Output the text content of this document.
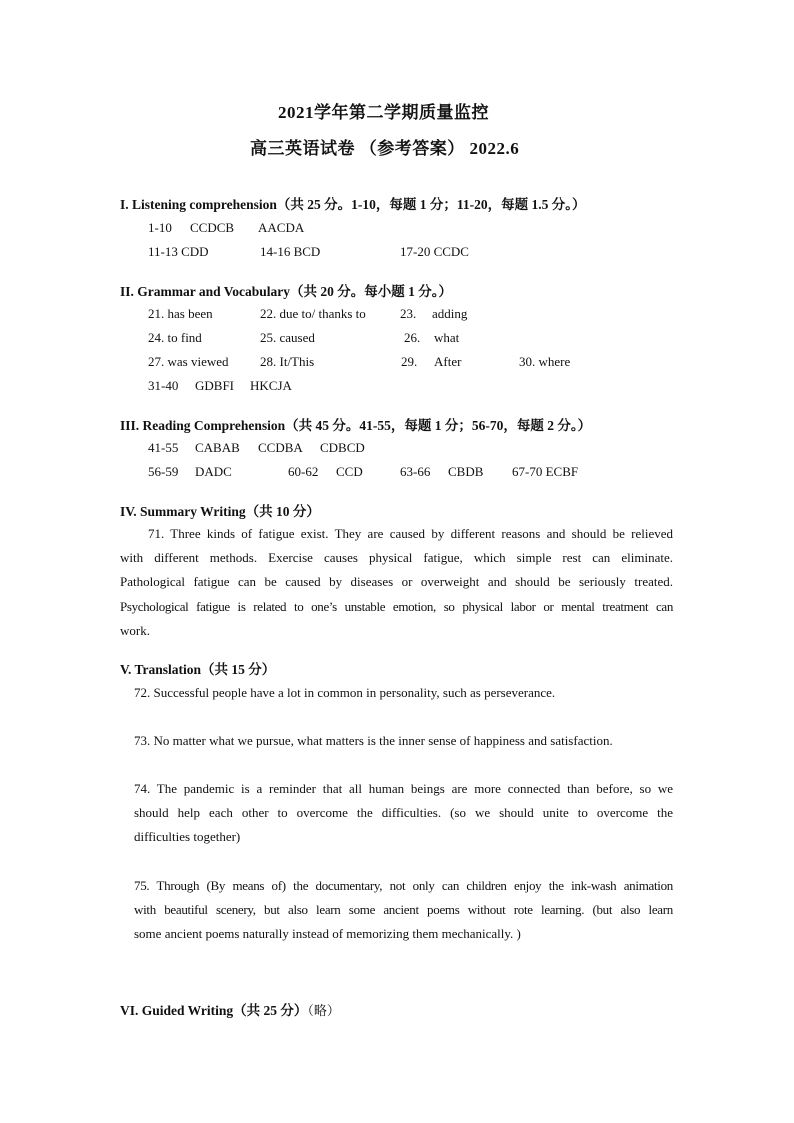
2021学年第二学期质量监控
高三英语试卷 （参考答案） 2022.6
I. Listening comprehension（共 25 分。1-10，每题 1 分；11-20，每题 1.5 分。）
1-10 CCDCB AACDA
11-13 CDD	14-16 BCD	17-20 CCDC
II. Grammar and Vocabulary（共 20 分。每小题 1 分。）
21. has been	22. due to/ thanks to	23. adding
24. to find	25. caused	26. what
27. was viewed 28. It/This	29. After	30. where
31-40 GDBFI HKCJA
III. Reading Comprehension（共 45 分。41-55，每题 1 分；56-70，每题 2 分。）
41-55 CABAB CCDBA CDBCD
56-59 DADC	60-62 CCD	63-66 CBDB 67-70 ECBF
IV. Summary Writing（共 10 分）
71. Three kinds of fatigue exist. They are caused by different reasons and should be relieved
with different methods. Exercise causes physical fatigue, which simple rest can eliminate.
Pathological fatigue can be caused by diseases or overweight and should be seriously treated.
Psychological fatigue is related to one’s unstable emotion, so physical labor or mental treatment can
work.
V. Translation（共 15 分）
72. Successful people have a lot in common in personality, such as perseverance.
73. No matter what we pursue, what matters is the inner sense of happiness and satisfaction.
74. The pandemic is a reminder that all human beings are more connected than before, so we
should help each other to overcome the difficulties. (so we should unite to overcome the
difficulties together)
75. Through (By means of) the documentary, not only can children enjoy the ink-wash animation
with beautiful scenery, but also learn some ancient poems without rote learning. (but also learn
some ancient poems naturally instead of memorizing them mechanically. )
VI. Guided Writing（共 25 分）（略）
